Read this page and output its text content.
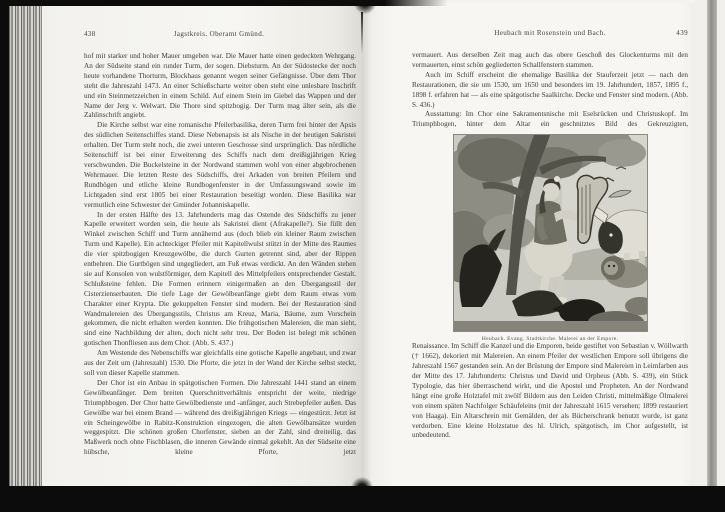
438	Jagstkreis. Oberamt Gmünd.

hof mit starker und hoher Mauer umgeben war. Die Mauer hatte einen gedeckten Wehrgang. An der Südseite stand ein runder Turm, der sogen. Diebsturm. An der Südostecke der noch heute vorhandene Thorturm, Blockhaus genannt wegen seiner Gefängnisse. Über dem Thor steht die Jahreszahl 1473. An einer Schießscharte weiter oben steht eine unlesbare Inschrift und ein Steinmetzzeichen in einem Schild. Auf einem Stein im Giebel das Wappen und der Name der Jerg v. Welwart. Die Thore sind spitzbogig. Der Turm mag älter sein, als die Zahlinschrift angiebt.

Die Kirche selbst war eine romanische Pfeilerbasilika, deren Turm frei hinter der Apsis des südlichen Seitenschiffes stand. Diese Nebenapsis ist als Nische in der heutigen Sakristei erhalten. Der Turm steht noch, die zwei unteren Geschosse sind ursprünglich. Das nördliche Seitenschiff ist bei einer Erweiterung des Schiffs nach dem dreißigjährigen Krieg verschwunden. Die Buckelsteine in der Nordwand stammen wohl von einer abgebrochenen Wehrmauer. Die letzten Reste des Südschiffs, drei Arkaden von breiten Pfeilern und Rundbögen und etliche kleine Rundbogenfenster in der Umfassungswand sowie im Lichtgaden sind erst 1805 bei einer Restauration beseitigt worden. Diese Basilika war vermutlich eine Schwester der Gmünder Johanniskapelle.

In der ersten Hälfte des 13. Jahrhunderts mag das Ostende des Südschiffs zu jener Kapelle erweitert worden sein, die heute als Sakristei dient (Afrakapelle?). Sie füllt den Winkel zwischen Schiff und Turm annähernd aus (doch blieb ein kleiner Raum zwischen Turm und Kapelle). Ein achteckiger Pfeiler mit Kapitellwulst stützt in der Mitte des Raumes die vier spitzbogigen Kreuzgewölbe, die durch Gurten getrennt sind, aber der Rippen entbehren. Die Gurtbögen sind ungegliedert, am Fuß etwas verdickt. An den Wänden stehen sie auf Konsolen von wulstförmiger, dem Kapitell des Mittelpfeilers entsprechender Gestalt. Schlußsteine fehlen. Die Formen erinnern einigermaßen an den Übergangsstil der Cisterzienserbauten. Die tiefe Lage der Gewölbeanfänge giebt dem Raum etwas vom Charakter einer Krypta. Die gekuppelten Fenster sind modern. Bei der Restauration sind Wandmalereien des Übergangsstils, Christus am Kreuz, Maria, Bäume, zum Vorschein gekommen, die nicht erhalten werden konnten. Die frühgotischen Malereien, die man sieht, sind eine Nachbildung der alten, doch nicht sehr treu. Der Boden ist belegt mit schönen gotischen Thonfliesen aus dem Chor. (Abb. S. 437.)

Am Westende des Nebenschiffs war gleichfalls eine gotische Kapelle angebaut, und zwar aus der Zeit um (Jahreszahl) 1530. Die Pforte, die jetzt in der Wand der Kirche selbst steckt, soll von dieser Kapelle stammen.

Der Chor ist ein Anbau in spätgotischen Formen. Die Jahreszahl 1441 stand an einem Gewölbeanfänger. Dem breiten Querschnittverhältnis entspricht der weite, niedrige Triumphbogen. Der Chor hatte Gewölbedienste und -anfänger, auch Strebepfeiler außen. Das Gewölbe war bei einem Brand — während des dreißigjährigen Kriegs — eingestürzt. Jetzt ist ein Scheingewölbe in Rabitz-Konstruktion eingezogen, die alten Gewölbansätze wurden weggespitzt. Die schönen großen Chorfenster, sieben an der Zahl, sind dreiteilig, das Maßwerk noch ohne Fischblasen, die inneren Gewände einmal gekehlt. An der Südseite eine hübsche, kleine Pforte, jetzt

Heubach mit Rosenstein und Bach.	439

vermauert. Aus derselben Zeit mag auch das obere Geschoß des Glockenturms mit den vermauerten, einst schön gegliederten Schallfenstern stammen.

Auch im Schiff erscheint die ehemalige Basilika der Stauferzeit jetzt — nach den Restaurationen, die sie um 1530, um 1650 und besonders im 19. Jahrhundert, 1857, 1895 f., 1898 f. erfahren hat — als eine spätgotische Saalkirche. Decke und Fenster sind modern. (Abb. S. 436.)

Ausstattung: Im Chor eine Sakramentsnische mit Eselsrücken und Christuskopf. Im Triumphbogen, hinter dem Altar ein geschnitztes Bild des Gekreuzigten,

Heubach. Evang. Stadtkirche. Malerei an der Empore.

Renaissance. Im Schiff die Kanzel und die Emporen, beide gestiftet von Sebastian v. Wöllwarth († 1662), dekoriert mit Malereien. An einem Pfeiler der westlichen Empore soll übrigens die Jahreszahl 1567 gestanden sein. An der Brüstung der Empore sind Malereien in Leimfarben aus der Mitte des 17. Jahrhunderts: Christus und David und Orpheus (Abb. S. 439), ein Stück Typologie, das hier überraschend wirkt, und die Apostel und Propheten. An der Nordwand hängt eine große Holztafel mit zwölf Bildern aus den Leiden Christi, mittelmäßige Ölmalerei von einem späten Nachfolger Schäufeleins (mit der Jahreszahl 1615 versehen; 1899 restauriert von Haaga). Ein Altarschrein mit Gemälden, der als Bücherschrank benutzt wurde, ist ganz verdorben. Eine kleine Holzstatue des hl. Ulrich, spätgotisch, im Chor aufgestellt, ist unbedeutend.
